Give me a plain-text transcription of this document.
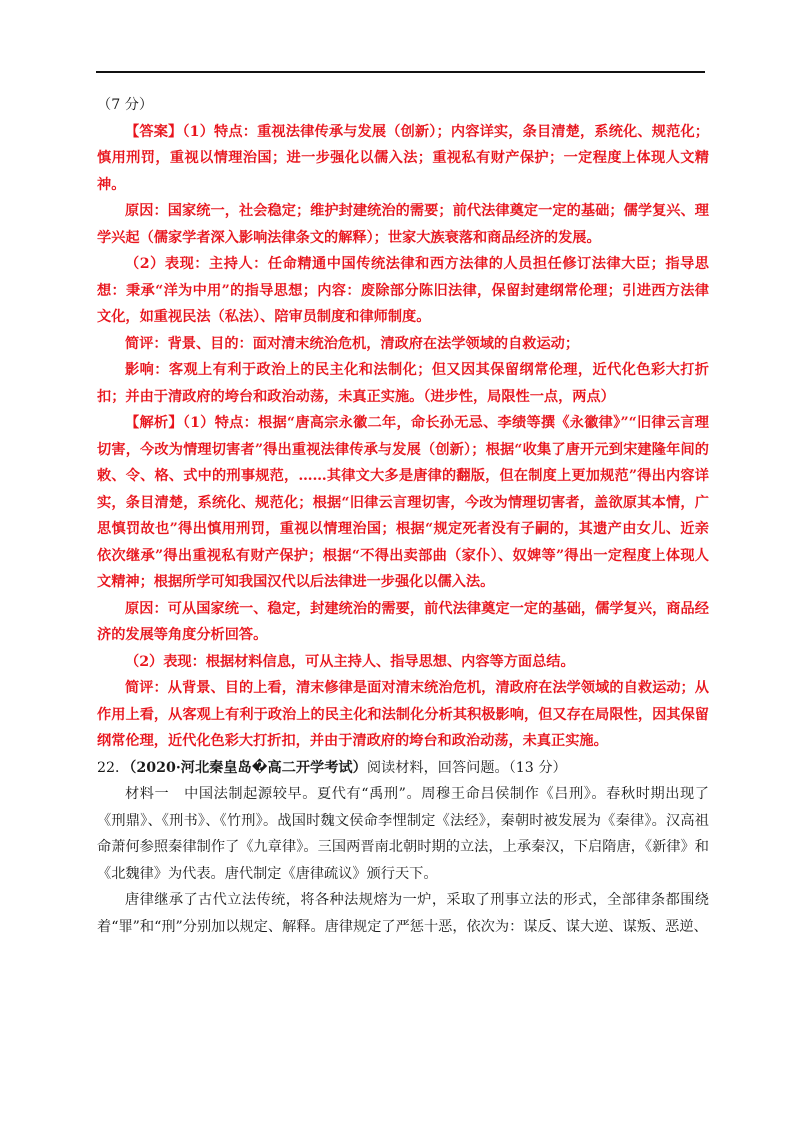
（7 分）

【答案】（1）特点：重视法律传承与发展（创新）；内容详实，条目清楚，系统化、规范化；慎用刑罚，重视以情理治国；进一步强化以儒入法；重视私有财产保护；一定程度上体现人文精神。

原因：国家统一，社会稳定；维护封建统治的需要；前代法律奠定一定的基础；儒学复兴、理学兴起（儒家学者深入影响法律条文的解释）；世家大族衰落和商品经济的发展。

（2）表现：主持人：任命精通中国传统法律和西方法律的人员担任修订法律大臣；指导思想：秉承“洋为中用”的指导思想；内容：废除部分陈旧法律，保留封建纲常伦理；引进西方法律文化，如重视民法（私法）、陪审员制度和律师制度。

简评：背景、目的：面对清末统治危机，清政府在法学领域的自救运动；

影响：客观上有利于政治上的民主化和法制化；但又因其保留纲常伦理，近代化色彩大打折扣；并由于清政府的垮台和政治动荡，未真正实施。（进步性，局限性一点，两点）

【解析】（1）特点：根据“唐高宗永徽二年，命长孙无忌、李绩等撰《永徽律》”“旧律云言理切害，今改为情理切害者”得出重视法律传承与发展（创新）；根据“收集了唐开元到宋建隆年间的敕、令、格、式中的刑事规范，……其律文大多是唐律的翻版，但在制度上更加规范”得出内容详实，条目清楚，系统化、规范化；根据“旧律云言理切害，今改为情理切害者，盖欲原其本情，广思慎罚故也”得出慎用刑罚，重视以情理治国；根据“规定死者没有子嗣的，其遗产由女儿、近亲依次继承”得出重视私有财产保护；根据“不得出卖部曲（家仆）、奴婢等”得出一定程度上体现人文精神；根据所学可知我国汉代以后法律进一步强化以儒入法。

原因：可从国家统一、稳定，封建统治的需要，前代法律奠定一定的基础，儒学复兴，商品经济的发展等角度分析回答。

（2）表现：根据材料信息，可从主持人、指导思想、内容等方面总结。

简评：从背景、目的上看，清末修律是面对清末统治危机，清政府在法学领域的自救运动；从作用上看，从客观上有利于政治上的民主化和法制化分析其积极影响，但又存在局限性，因其保留纲常伦理，近代化色彩大打折扣，并由于清政府的垮台和政治动荡，未真正实施。

22．（2020·河北秦皇岛�高二开学考试）阅读材料，回答问题。（13 分）

材料一　中国法制起源较早。夏代有“禹刑”。周穆王命吕侯制作《吕刑》。春秋时期出现了《刑鼎》、《刑书》、《竹刑》。战国时魏文侯命李悝制定《法经》，秦朝时被发展为《秦律》。汉高祖命萧何参照秦律制作了《九章律》。三国两晋南北朝时期的立法，上承秦汉，下启隋唐，《新律》和《北魏律》为代表。唐代制定《唐律疏议》颁行天下。

唐律继承了古代立法传统，将各种法规熔为一炉，采取了刑事立法的形式，全部律条都围绕着“罪”和“刑”分别加以规定、解释。唐律规定了严惩十恶，依次为：谋反、谋大逆、谋叛、恶逆、
